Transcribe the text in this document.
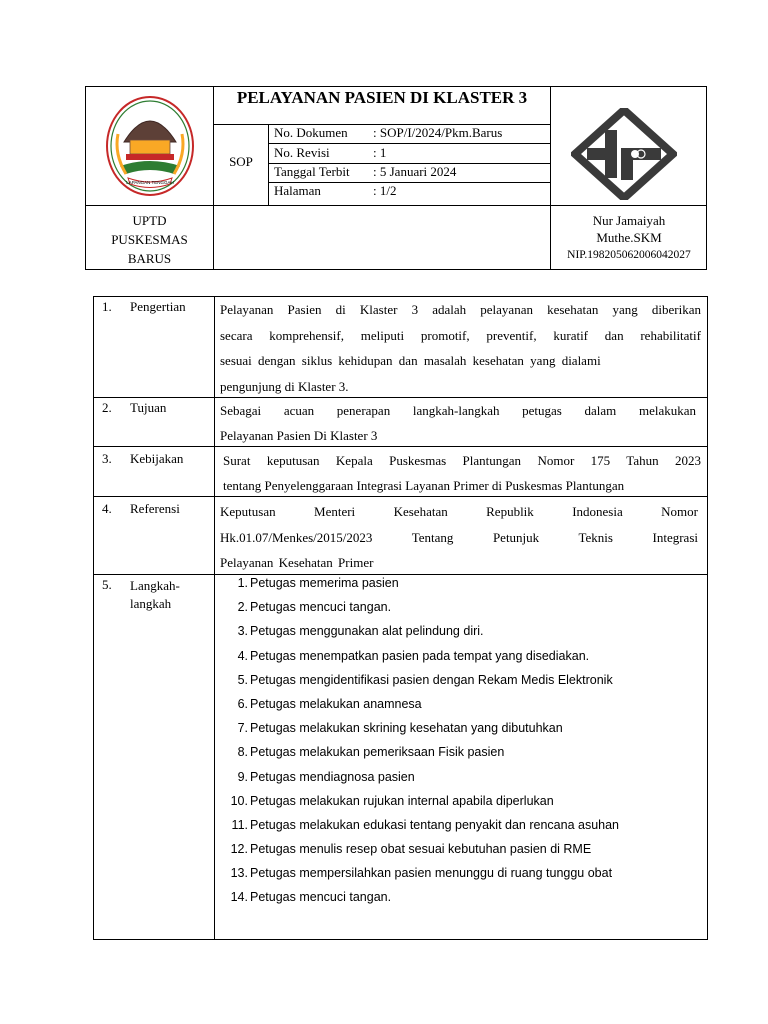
LAPANGAN TENGGAH
PELAYANAN PASIEN DI KLASTER 3
SOP
No. Dokumen : SOP/I/2024/Pkm.Barus
No. Revisi	: 1
Tanggal Terbit : 5 Januari 2024
Halaman	: 1/2
UPTD
PUSKESMAS
BARUS
Nur Jamaiyah
Muthe.SKM
NIP.198205062006042027
1. Pengertian	Pelayanan Pasien di Klaster 3 adalah pelayanan kesehatan yang diberikan
secara komprehensif, meliputi promotif, preventif, kuratif dan rehabilitatif
sesuai dengan siklus kehidupan dan masalah kesehatan yang dialami
pengunjung di Klaster 3.
2. Tujuan	Sebagai acuan penerapan langkah-langkah petugas dalam melakukan
Pelayanan Pasien Di Klaster 3
3. Kebijakan	Surat keputusan Kepala Puskesmas Plantungan Nomor 175 Tahun 2023
tentang Penyelenggaraan Integrasi Layanan Primer di Puskesmas Plantungan
4. Referensi	Keputusan Menteri Kesehatan Republik Indonesia Nomor
Hk.01.07/Menkes/2015/2023 Tentang Petunjuk Teknis Integrasi
Pelayanan Kesehatan Primer
5. Langkah-
langkah
1. Petugas memerima pasien
2. Petugas mencuci tangan.
3. Petugas menggunakan alat pelindung diri.
4. Petugas menempatkan pasien pada tempat yang disediakan.
5. Petugas mengidentifikasi pasien dengan Rekam Medis Elektronik
6. Petugas melakukan anamnesa
7. Petugas melakukan skrining kesehatan yang dibutuhkan
8. Petugas melakukan pemeriksaan Fisik pasien
9. Petugas mendiagnosa pasien
10. Petugas melakukan rujukan internal apabila diperlukan
11. Petugas melakukan edukasi tentang penyakit dan rencana asuhan
12. Petugas menulis resep obat sesuai kebutuhan pasien di RME
13. Petugas mempersilahkan pasien menunggu di ruang tunggu obat
14. Petugas mencuci tangan.
